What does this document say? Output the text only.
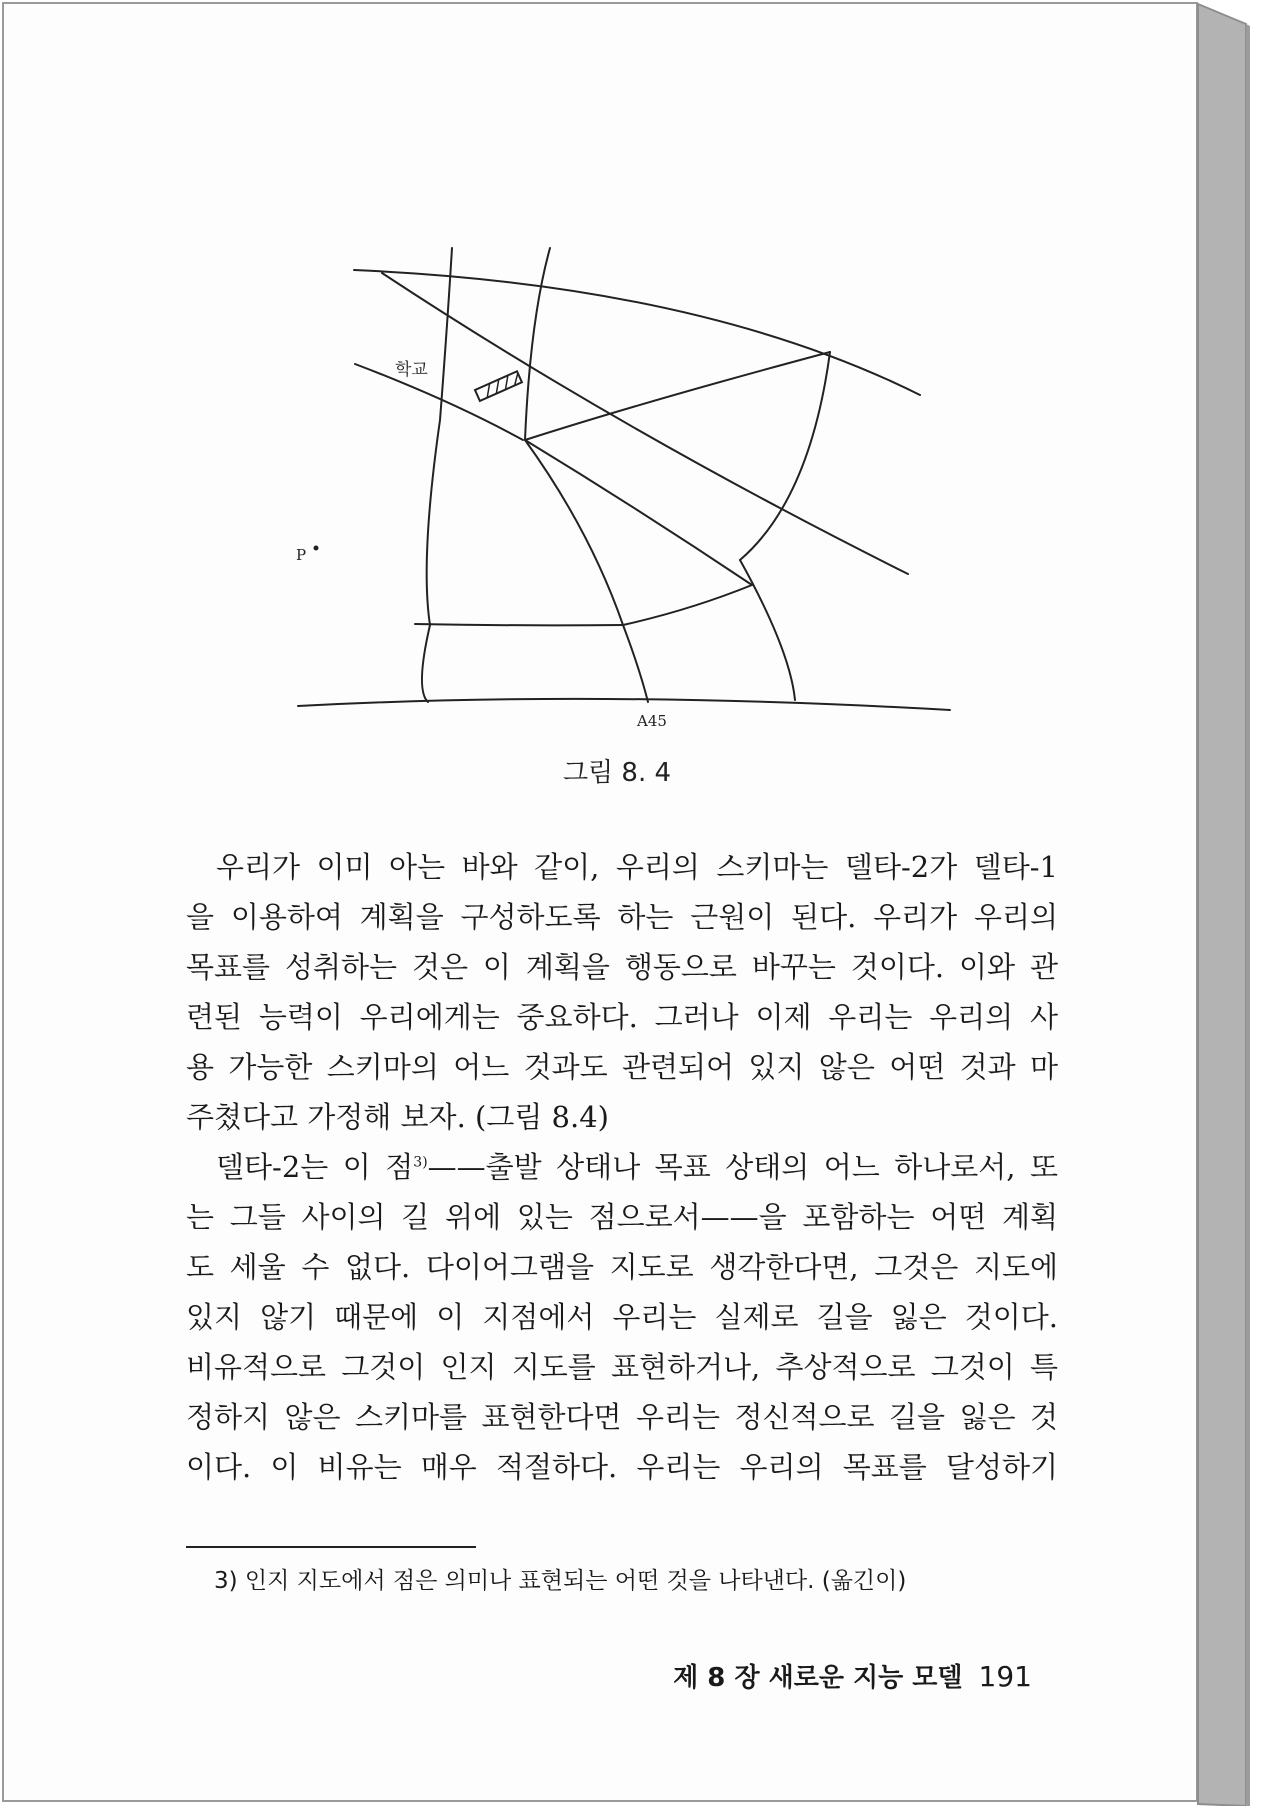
학교
P
A45
그림 8. 4
우리가 이미 아는 바와 같이, 우리의 스키마는 델타-2가 델타-1
을 이용하여 계획을 구성하도록 하는 근원이 된다. 우리가 우리의
목표를 성취하는 것은 이 계획을 행동으로 바꾸는 것이다. 이와 관
련된 능력이 우리에게는 중요하다. 그러나 이제 우리는 우리의 사
용 가능한 스키마의 어느 것과도 관련되어 있지 않은 어떤 것과 마
주쳤다고 가정해 보자. (그림 8.4)
델타-2는 이 점$^{3)}$——출발 상태나 목표 상태의 어느 하나로서, 또
는 그들 사이의 길 위에 있는 점으로서——을 포함하는 어떤 계획
도 세울 수 없다. 다이어그램을 지도로 생각한다면, 그것은 지도에
있지 않기 때문에 이 지점에서 우리는 실제로 길을 잃은 것이다.
비유적으로 그것이 인지 지도를 표현하거나, 추상적으로 그것이 특
정하지 않은 스키마를 표현한다면 우리는 정신적으로 길을 잃은 것
이다. 이 비유는 매우 적절하다. 우리는 우리의 목표를 달성하기
3) 인지 지도에서 점은 의미나 표현되는 어떤 것을 나타낸다. (옮긴이)
제 8 장 새로운 지능 모델 191
